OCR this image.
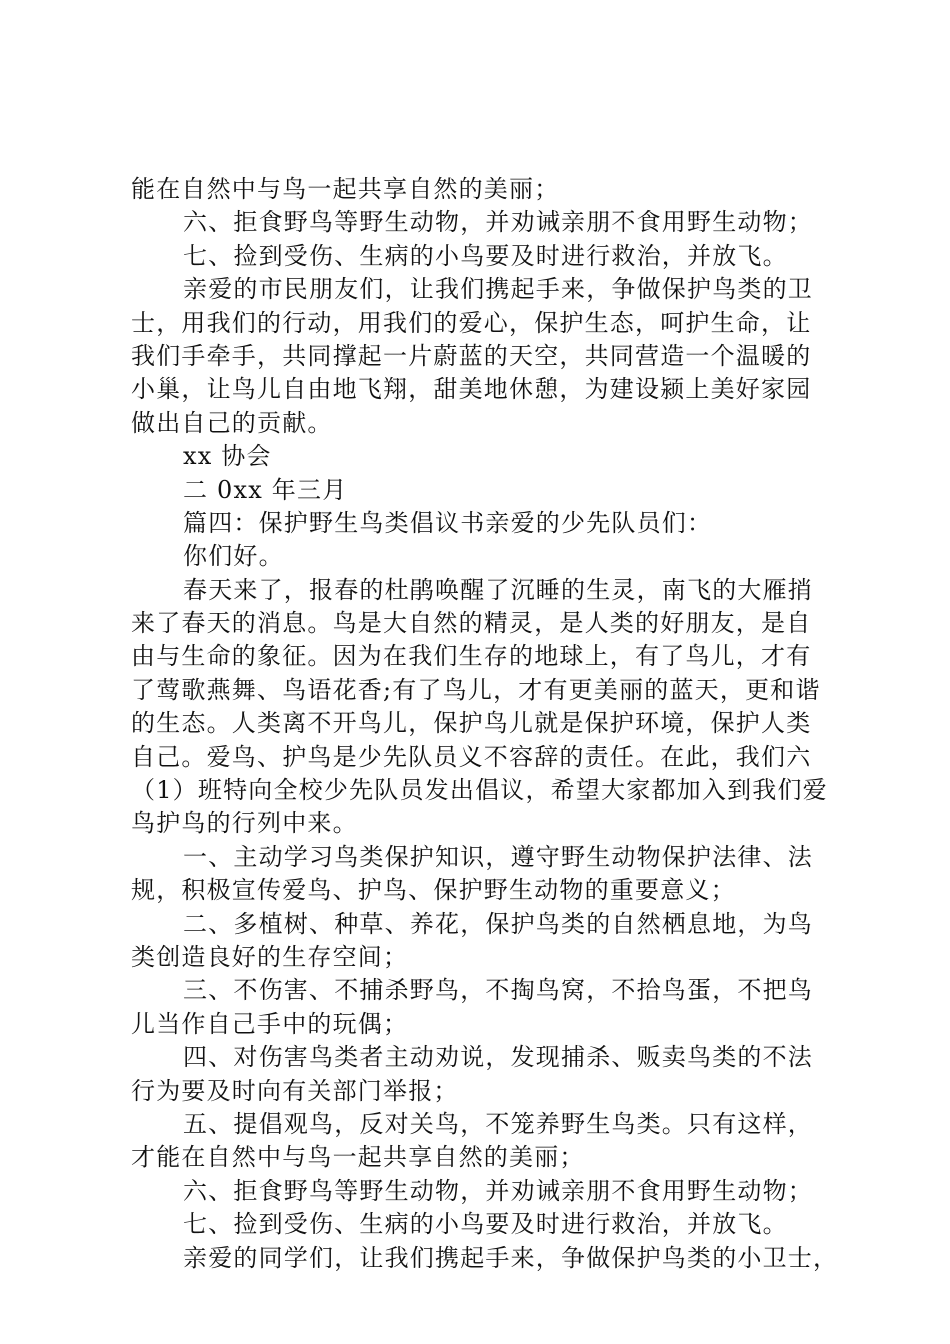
能在自然中与鸟一起共享自然的美丽；
六、拒食野鸟等野生动物，并劝诫亲朋不食用野生动物；
七、捡到受伤、生病的小鸟要及时进行救治，并放飞。
亲爱的市民朋友们，让我们携起手来，争做保护鸟类的卫
士，用我们的行动，用我们的爱心，保护生态，呵护生命，让
我们手牵手，共同撑起一片蔚蓝的天空，共同营造一个温暖的
小巢，让鸟儿自由地飞翔，甜美地休憩，为建设颍上美好家园
做出自己的贡献。
xx 协会
二 0xx 年三月
篇四：保护野生鸟类倡议书亲爱的少先队员们：
你们好。
春天来了，报春的杜鹃唤醒了沉睡的生灵，南飞的大雁捎
来了春天的消息。鸟是大自然的精灵，是人类的好朋友，是自
由与生命的象征。因为在我们生存的地球上，有了鸟儿，才有
了莺歌燕舞、鸟语花香;有了鸟儿，才有更美丽的蓝天，更和谐
的生态。人类离不开鸟儿，保护鸟儿就是保护环境，保护人类
自己。爱鸟、护鸟是少先队员义不容辞的责任。在此，我们六
（1）班特向全校少先队员发出倡议，希望大家都加入到我们爱
鸟护鸟的行列中来。
一、主动学习鸟类保护知识，遵守野生动物保护法律、法
规，积极宣传爱鸟、护鸟、保护野生动物的重要意义；
二、多植树、种草、养花，保护鸟类的自然栖息地，为鸟
类创造良好的生存空间；
三、不伤害、不捕杀野鸟，不掏鸟窝，不拾鸟蛋，不把鸟
儿当作自己手中的玩偶；
四、对伤害鸟类者主动劝说，发现捕杀、贩卖鸟类的不法
行为要及时向有关部门举报；
五、提倡观鸟，反对关鸟，不笼养野生鸟类。只有这样，
才能在自然中与鸟一起共享自然的美丽；
六、拒食野鸟等野生动物，并劝诫亲朋不食用野生动物；
七、捡到受伤、生病的小鸟要及时进行救治，并放飞。
亲爱的同学们，让我们携起手来，争做保护鸟类的小卫士，
